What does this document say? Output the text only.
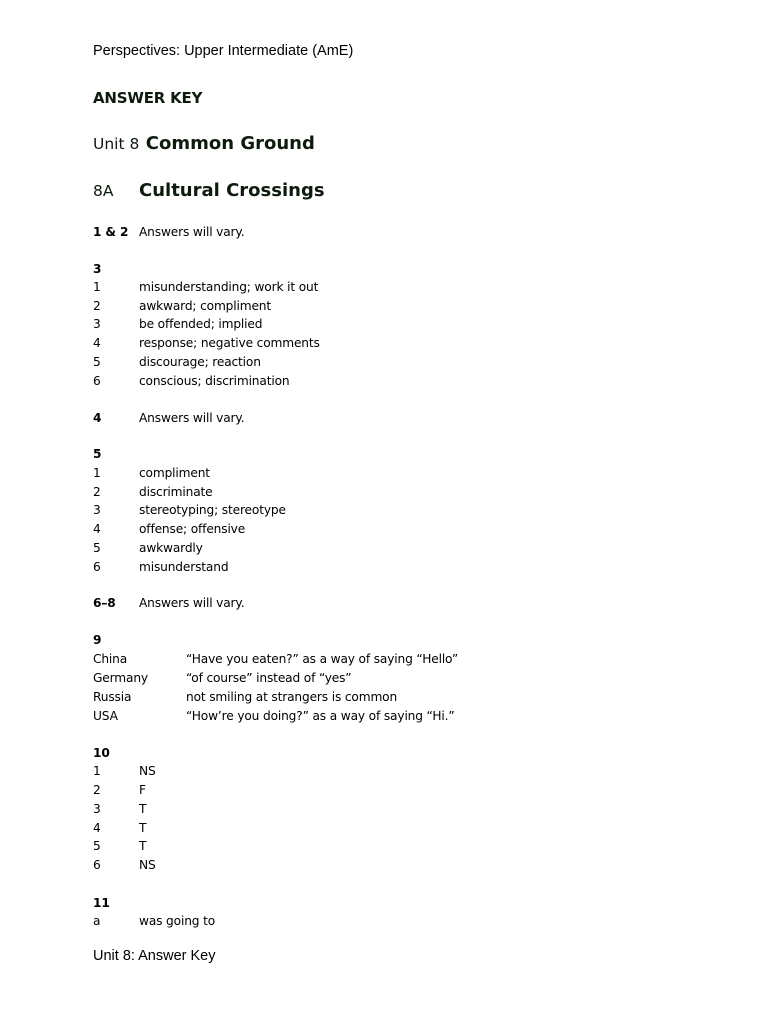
Perspectives: Upper Intermediate (AmE)
ANSWER KEY
Unit 8 Common Ground
8A Cultural Crossings
1 & 2 Answers will vary.
3
1	misunderstanding; work it out
2	awkward; compliment
3	be offended; implied
4	response; negative comments
5	discourage; reaction
6	conscious; discrimination
4	Answers will vary.
5
1	compliment
2	discriminate
3	stereotyping; stereotype
4	offense; offensive
5	awkwardly
6	misunderstand
6–8 Answers will vary.
9
China	“Have you eaten?” as a way of saying “Hello”
Germany	“of course” instead of “yes”
Russia	not smiling at strangers is common
USA	“How’re you doing?” as a way of saying “Hi.”
10
1	NS
2	F
3	T
4	T
5	T
6	NS
11
a	was going to
Unit 8: Answer Key
